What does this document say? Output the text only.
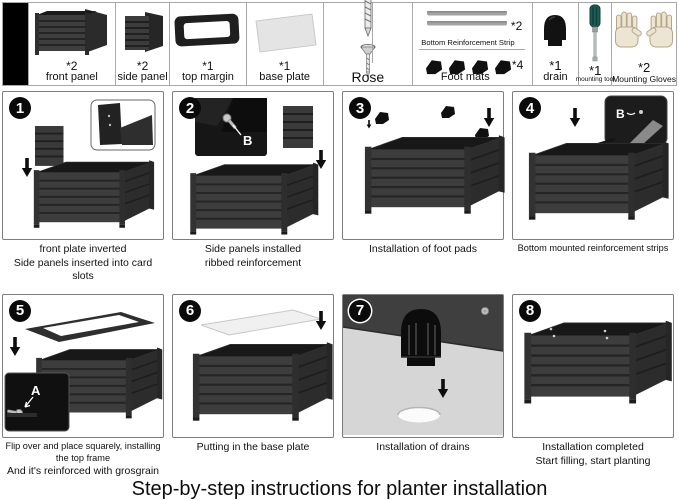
*2
front panel
*2
side panel
*1
top margin
*1
base plate	Rose
*2
Bottom Reinforcement Strip
*4
Foot mats
*1
drain *1
mounting tool
*2
Mounting Gloves
1
front plate inverted
Side panels inserted into card slots
2
B
Side panels installed
ribbed reinforcement
3
Installation of foot pads
4	B
Bottom mounted reinforcement strips
5
A
Flip over and place squarely, installing the top frame
And it's reinforced with grosgrain
6
Putting in the base plate
7
Installation of drains
8
Installation completed
Start filling, start planting
Step-by-step instructions for planter installation
